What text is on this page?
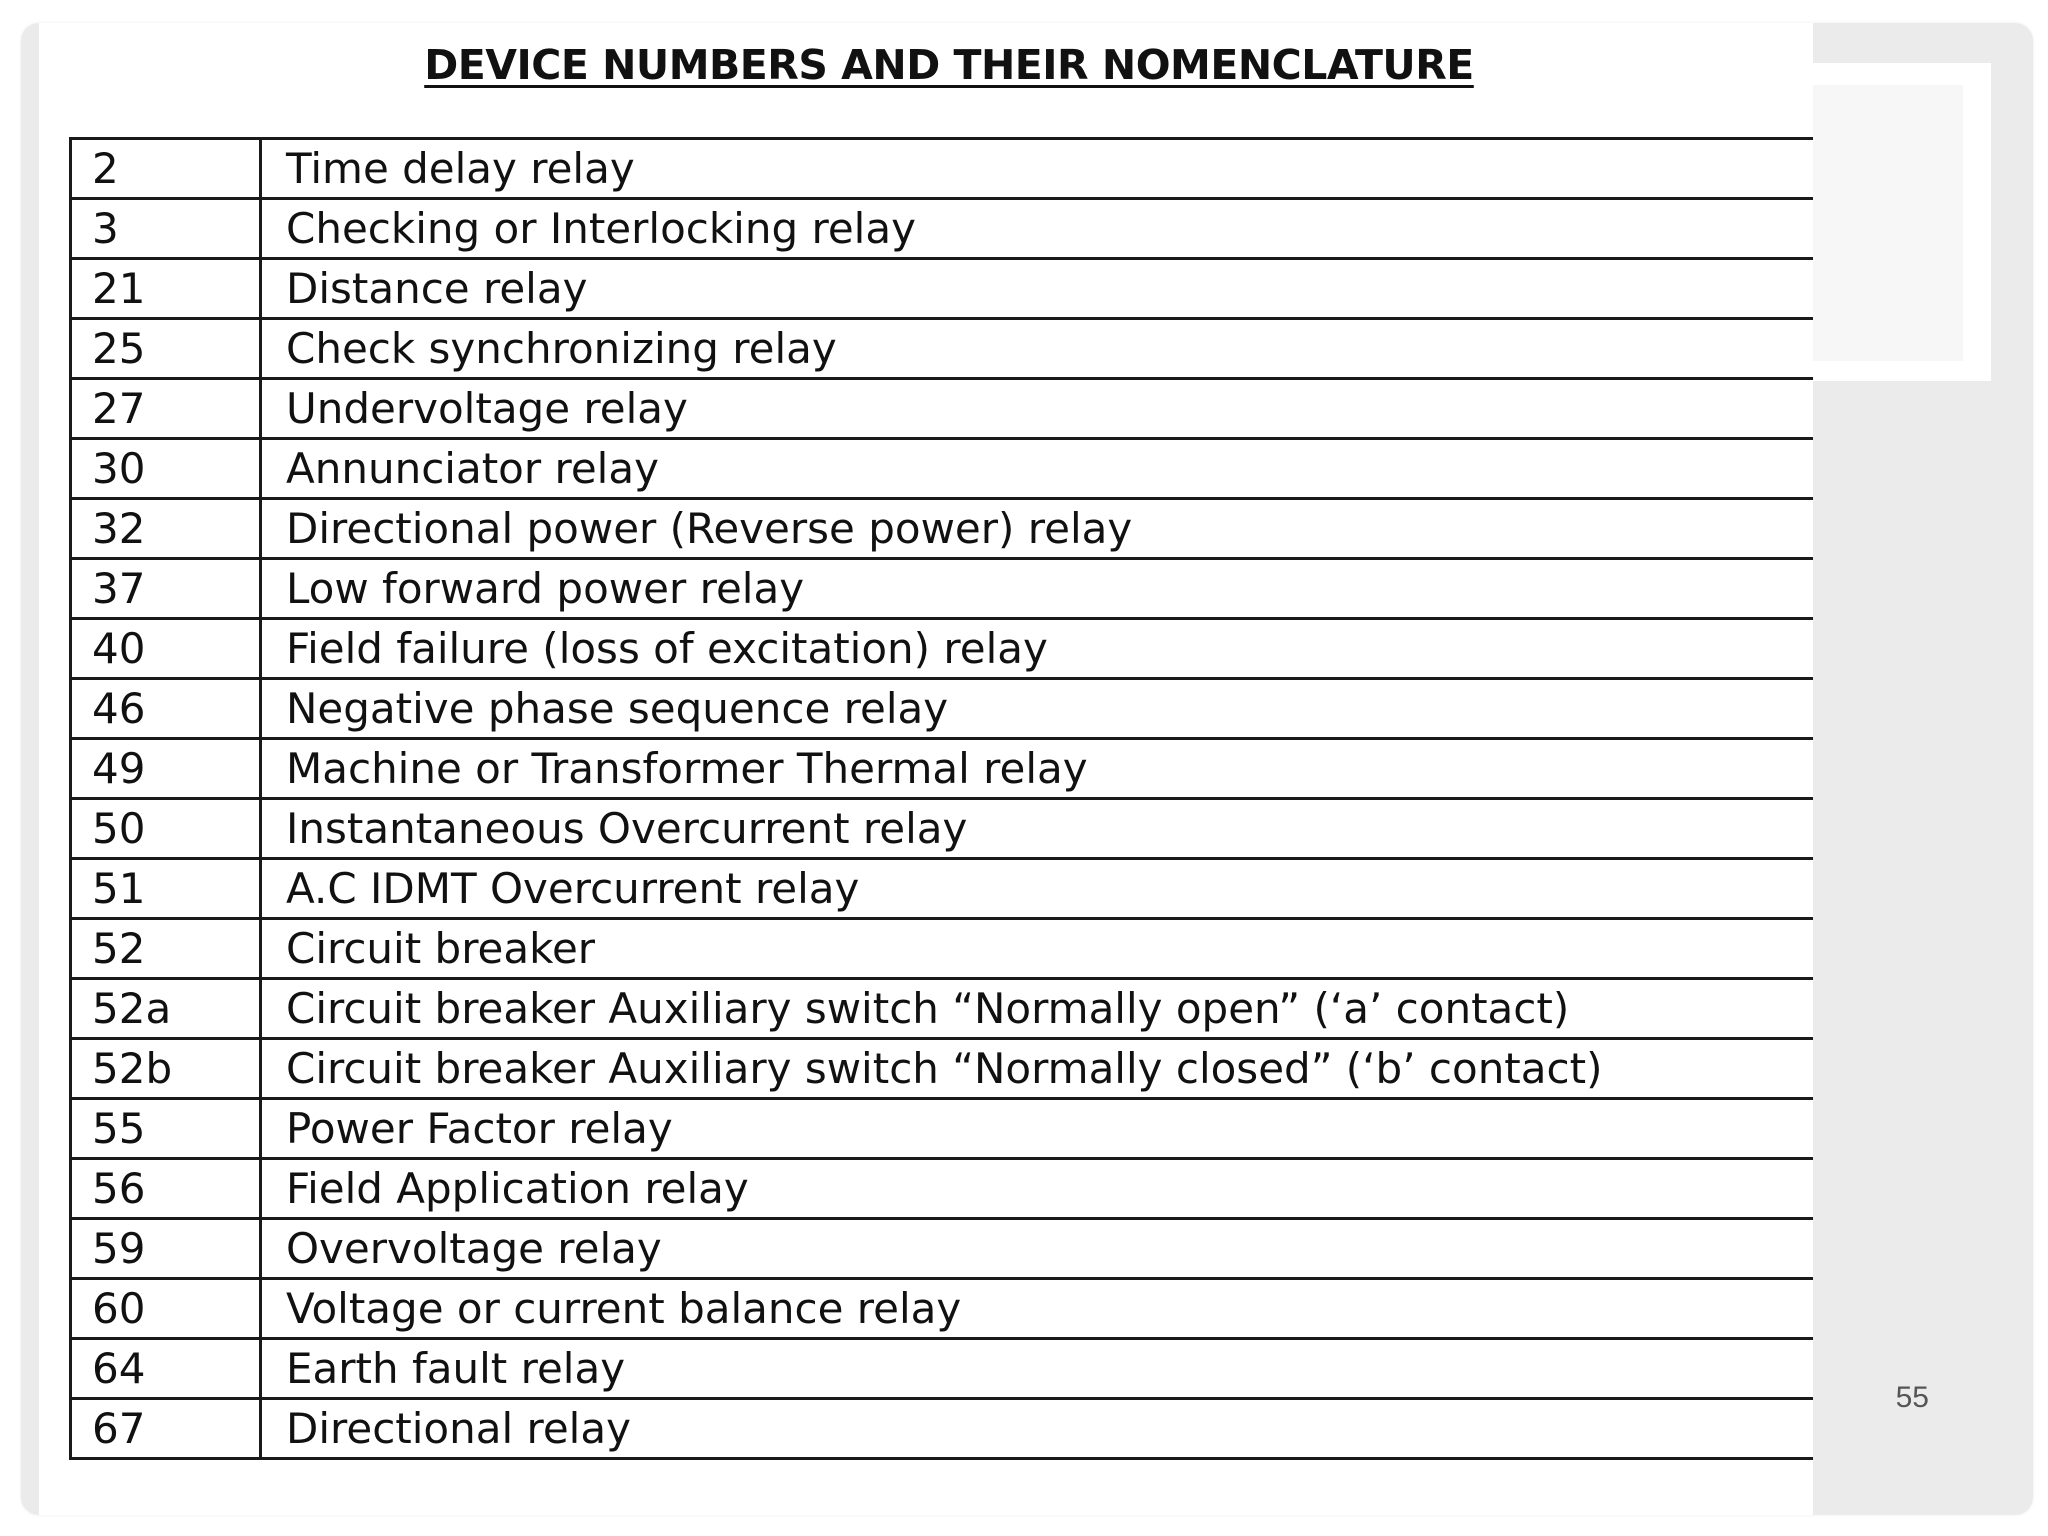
DEVICE NUMBERS AND THEIR NOMENCLATURE
2	Time delay relay
3	Checking or Interlocking relay
21	Distance relay
25	Check synchronizing relay
27	Undervoltage relay
30	Annunciator relay
32	Directional power (Reverse power) relay
37	Low forward power relay
40	Field failure (loss of excitation) relay
46	Negative phase sequence relay
49	Machine or Transformer Thermal relay
50	Instantaneous Overcurrent relay
51	A.C IDMT Overcurrent relay
52	Circuit breaker
52a	Circuit breaker Auxiliary switch “Normally open” (‘a’ contact)
52b	Circuit breaker Auxiliary switch “Normally closed” (‘b’ contact)
55	Power Factor relay
56	Field Application relay
59	Overvoltage relay
60	Voltage or current balance relay
64	Earth fault relay
67	Directional relay
55
